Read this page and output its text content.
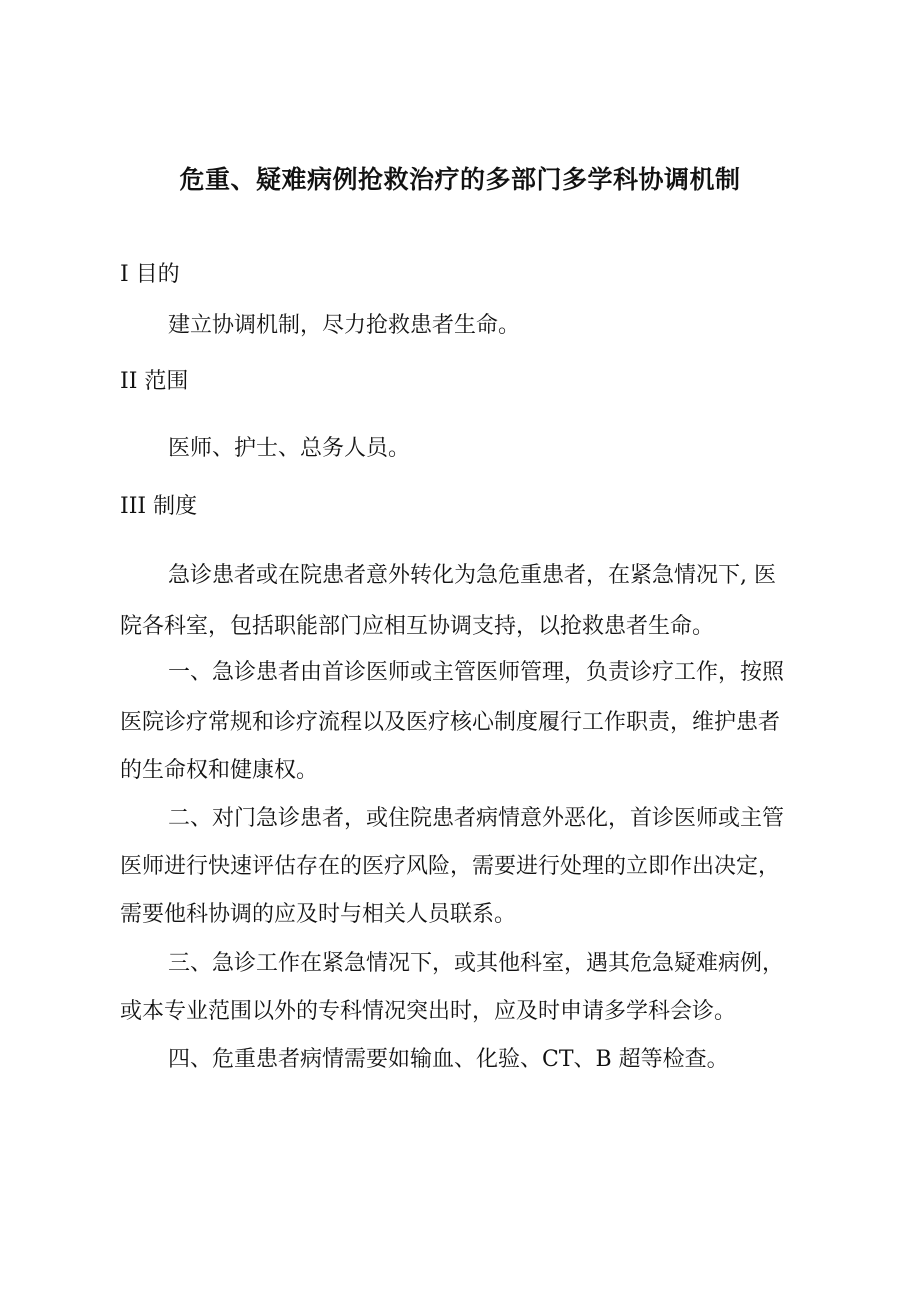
危重、疑难病例抢救治疗的多部门多学科协调机制

I 目的

建立协调机制，尽力抢救患者生命。

II 范围

医师、护士、总务人员。

III 制度

急诊患者或在院患者意外转化为急危重患者，在紧急情况下, 医

院各科室，包括职能部门应相互协调支持，以抢救患者生命。

一、急诊患者由首诊医师或主管医师管理，负责诊疗工作，按照

医院诊疗常规和诊疗流程以及医疗核心制度履行工作职责，维护患者

的生命权和健康权。

二、对门急诊患者，或住院患者病情意外恶化，首诊医师或主管

医师进行快速评估存在的医疗风险，需要进行处理的立即作出决定，

需要他科协调的应及时与相关人员联系。

三、急诊工作在紧急情况下，或其他科室，遇其危急疑难病例，

或本专业范围以外的专科情况突出时，应及时申请多学科会诊。

四、危重患者病情需要如输血、化验、CT、B 超等检查。
